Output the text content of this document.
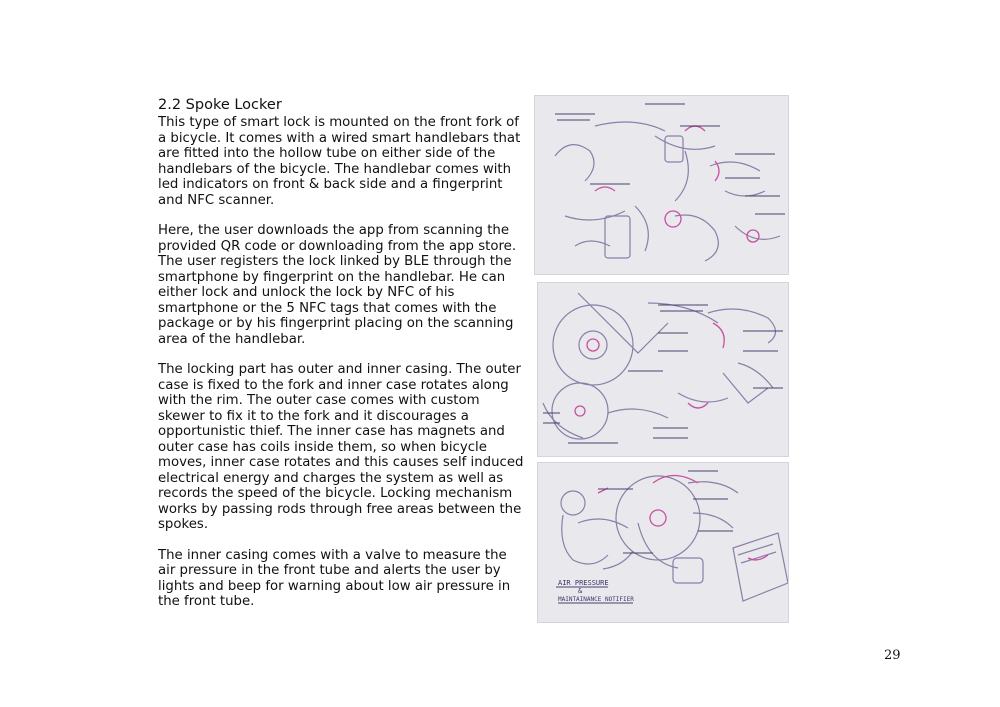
2.2 Spoke Locker

This type of smart lock is mounted on the front fork of a bicycle. It comes with a wired smart handlebars that are fitted into the hollow tube on either side of the handlebars of the bicycle. The handlebar comes with led indicators on front & back side and a fingerprint and NFC scanner.

Here, the user downloads the app from scanning the provided QR code or downloading from the app store. The user registers the lock linked by BLE through the smartphone by fingerprint on the handlebar. He can either lock and unlock the lock by NFC of his smartphone or the 5 NFC tags that comes with the package or by his fingerprint placing on the scanning area of the handlebar.

The locking part has outer and inner casing. The outer case is fixed to the fork and inner case rotates along with the rim. The outer case comes with custom skewer to fix it to the fork and it discourages a opportunistic thief. The inner case has magnets and outer case has coils inside them, so when bicycle moves, inner case rotates and this causes self induced electrical energy and charges the system as well as records the speed of the bicycle. Locking mechanism works by passing rods through free areas between the spokes.

The inner casing comes with a valve to measure the air pressure in the front tube and alerts the user by lights and beep for warning about low air pressure in the front tube.

AIR PRESSURE
&
MAINTAINANCE NOTIFIER
29
